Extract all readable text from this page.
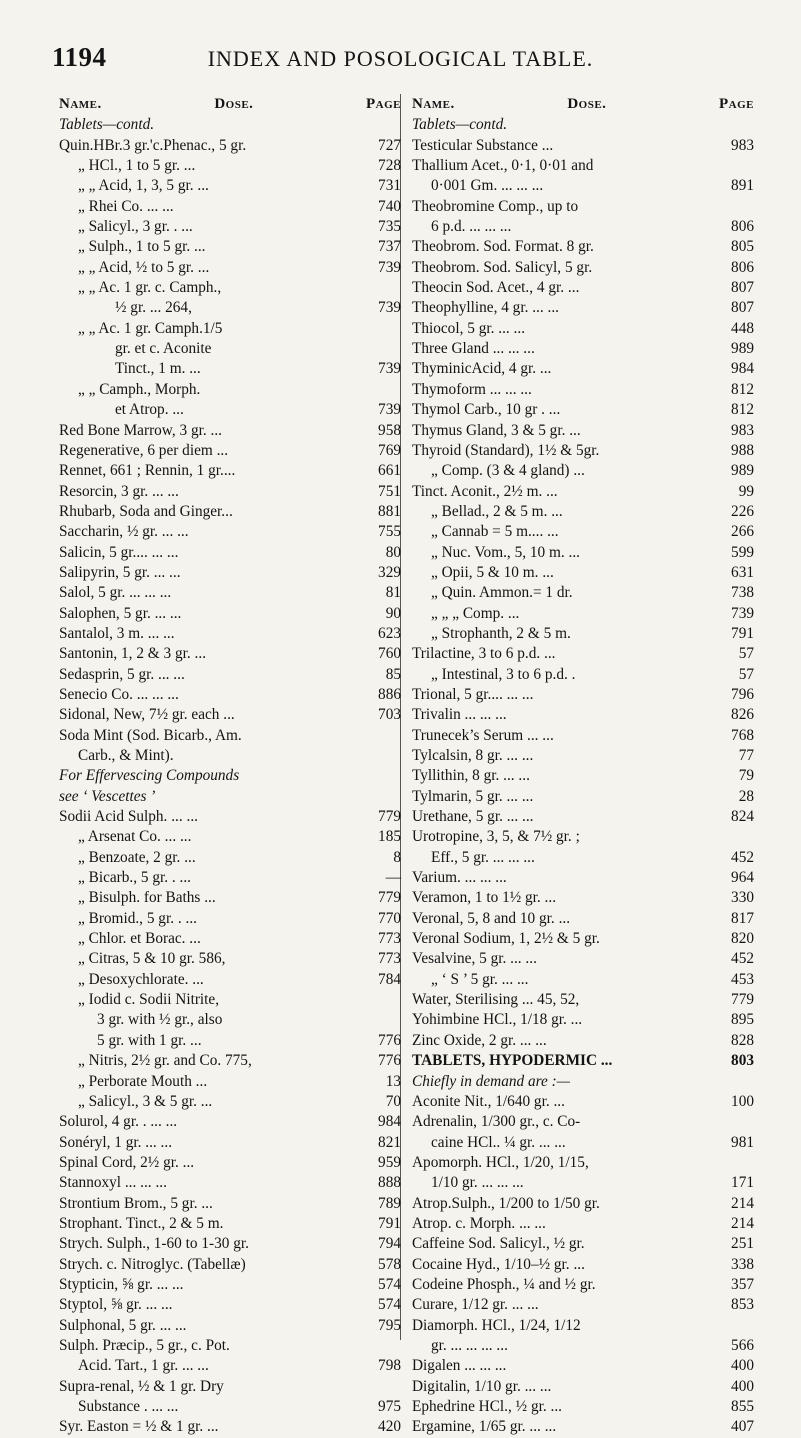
1194	INDEX AND POSOLOGICAL TABLE.
Name.	Dose.	Page
Tablets—contd.
Quin.HBr.3 gr.'c.Phenac., 5 gr.	727
„ HCl., 1 to 5 gr. ...	728
„ „ Acid, 1, 3, 5 gr. ...	731
„ Rhei Co. ... ...	740
„ Salicyl., 3 gr. . ...	735
„ Sulph., 1 to 5 gr. ...	737
„ „ Acid, ½ to 5 gr. ...	739
„ „ Ac. 1 gr. c. Camph.,
½ gr. ... 264,	739
„ „ Ac. 1 gr. Camph.1/5
gr. et c. Aconite
Tinct., 1 m. ...	739
„ „ Camph., Morph.
et Atrop. ...	739
Red Bone Marrow, 3 gr. ...	958
Regenerative, 6 per diem ...	769
Rennet, 661 ; Rennin, 1 gr....	661
Resorcin, 3 gr. ... ...	751
Rhubarb, Soda and Ginger...	881
Saccharin, ½ gr. ... ...	755
Salicin, 5 gr.... ... ...	80
Salipyrin, 5 gr. ... ...	329
Salol, 5 gr. ... ... ...	81
Salophen, 5 gr. ... ...	90
Santalol, 3 m. ... ...	623
Santonin, 1, 2 & 3 gr. ...	760
Sedasprin, 5 gr. ... ...	85
Senecio Co. ... ... ...	886
Sidonal, New, 7½ gr. each ...	703
Soda Mint (Sod. Bicarb., Am.
Carb., & Mint).
For Effervescing Compounds
see ‘ Vescettes ’
Sodii Acid Sulph. ... ...	779
„ Arsenat Co. ... ...	185
„ Benzoate, 2 gr. ...	8
„ Bicarb., 5 gr. . ...	—
„ Bisulph. for Baths ...	779
„ Bromid., 5 gr. . ...	770
„ Chlor. et Borac. ...	773
„ Citras, 5 & 10 gr. 586,	773
„ Desoxychlorate. ...	784
„ Iodid c. Sodii Nitrite,
3 gr. with ½ gr., also
5 gr. with 1 gr. ...	776
„ Nitris, 2½ gr. and Co. 775,	776
„ Perborate Mouth ...	13
„ Salicyl., 3 & 5 gr. ...	70
Solurol, 4 gr. . ... ...	984
Sonéryl, 1 gr. ... ...	821
Spinal Cord, 2½ gr. ...	959
Stannoxyl ... ... ...	888
Strontium Brom., 5 gr. ...	789
Strophant. Tinct., 2 & 5 m.	791
Strych. Sulph., 1-60 to 1-30 gr.	794
Strych. c. Nitroglyc. (Tabellæ)	578
Stypticin, ⅝ gr. ... ...	574
Styptol, ⅝ gr. ... ...	574
Sulphonal, 5 gr. ... ...	795
Sulph. Præcip., 5 gr., c. Pot.
Acid. Tart., 1 gr. ... ...	798
Supra-renal, ½ & 1 gr. Dry
Substance . ... ...	975
Syr. Easton = ½ & 1 gr. ...	420
Name.	Dose.	Page
Tablets—contd.
Testicular Substance ...	983
Thallium Acet., 0·1, 0·01 and
0·001 Gm. ... ... ...	891
Theobromine Comp., up to
6 p.d. ... ... ...	806
Theobrom. Sod. Format. 8 gr.	805
Theobrom. Sod. Salicyl, 5 gr.	806
Theocin Sod. Acet., 4 gr. ...	807
Theophylline, 4 gr. ... ...	807
Thiocol, 5 gr. ... ...	448
Three Gland ... ... ...	989
ThyminicAcid, 4 gr. ...	984
Thymoform ... ... ...	812
Thymol Carb., 10 gr . ...	812
Thymus Gland, 3 & 5 gr. ...	983
Thyroid (Standard), 1½ & 5gr.	988
„ Comp. (3 & 4 gland) ...	989
Tinct. Aconit., 2½ m. ...	99
„ Bellad., 2 & 5 m. ...	226
„ Cannab = 5 m.... ...	266
„ Nuc. Vom., 5, 10 m. ...	599
„ Opii, 5 & 10 m. ...	631
„ Quin. Ammon.= 1 dr.	738
„ „ „ Comp. ...	739
„ Strophanth, 2 & 5 m.	791
Trilactine, 3 to 6 p.d. ...	57
„ Intestinal, 3 to 6 p.d. .	57
Trional, 5 gr.... ... ...	796
Trivalin ... ... ...	826
Trunecek’s Serum ... ...	768
Tylcalsin, 8 gr. ... ...	77
Tyllithin, 8 gr. ... ...	79
Tylmarin, 5 gr. ... ...	28
Urethane, 5 gr. ... ...	824
Urotropine, 3, 5, & 7½ gr. ;
Eff., 5 gr. ... ... ...	452
Varium. ... ... ...	964
Veramon, 1 to 1½ gr. ...	330
Veronal, 5, 8 and 10 gr. ...	817
Veronal Sodium, 1, 2½ & 5 gr.	820
Vesalvine, 5 gr. ... ...	452
„ ‘ S ’ 5 gr. ... ...	453
Water, Sterilising ... 45, 52,	779
Yohimbine HCl., 1/18 gr. ...	895
Zinc Oxide, 2 gr. ... ...	828
TABLETS, HYPODERMIC ...	803
Chiefly in demand are :—
Aconite Nit., 1/640 gr. ...	100
Adrenalin, 1/300 gr., c. Co-
caine HCl.. ¼ gr. ... ...	981
Apomorph. HCl., 1/20, 1/15,
1/10 gr. ... ... ...	171
Atrop.Sulph., 1/200 to 1/50 gr.	214
Atrop. c. Morph. ... ...	214
Caffeine Sod. Salicyl., ½ gr.	251
Cocaine Hyd., 1/10–½ gr. ...	338
Codeine Phosph., ¼ and ½ gr.	357
Curare, 1/12 gr. ... ...	853
Diamorph. HCl., 1/24, 1/12
gr. ... ... ... ...	566
Digalen ... ... ...	400
Digitalin, 1/10 gr. ... ...	400
Ephedrine HCl., ½ gr. ...	855
Ergamine, 1/65 gr. ... ...	407
